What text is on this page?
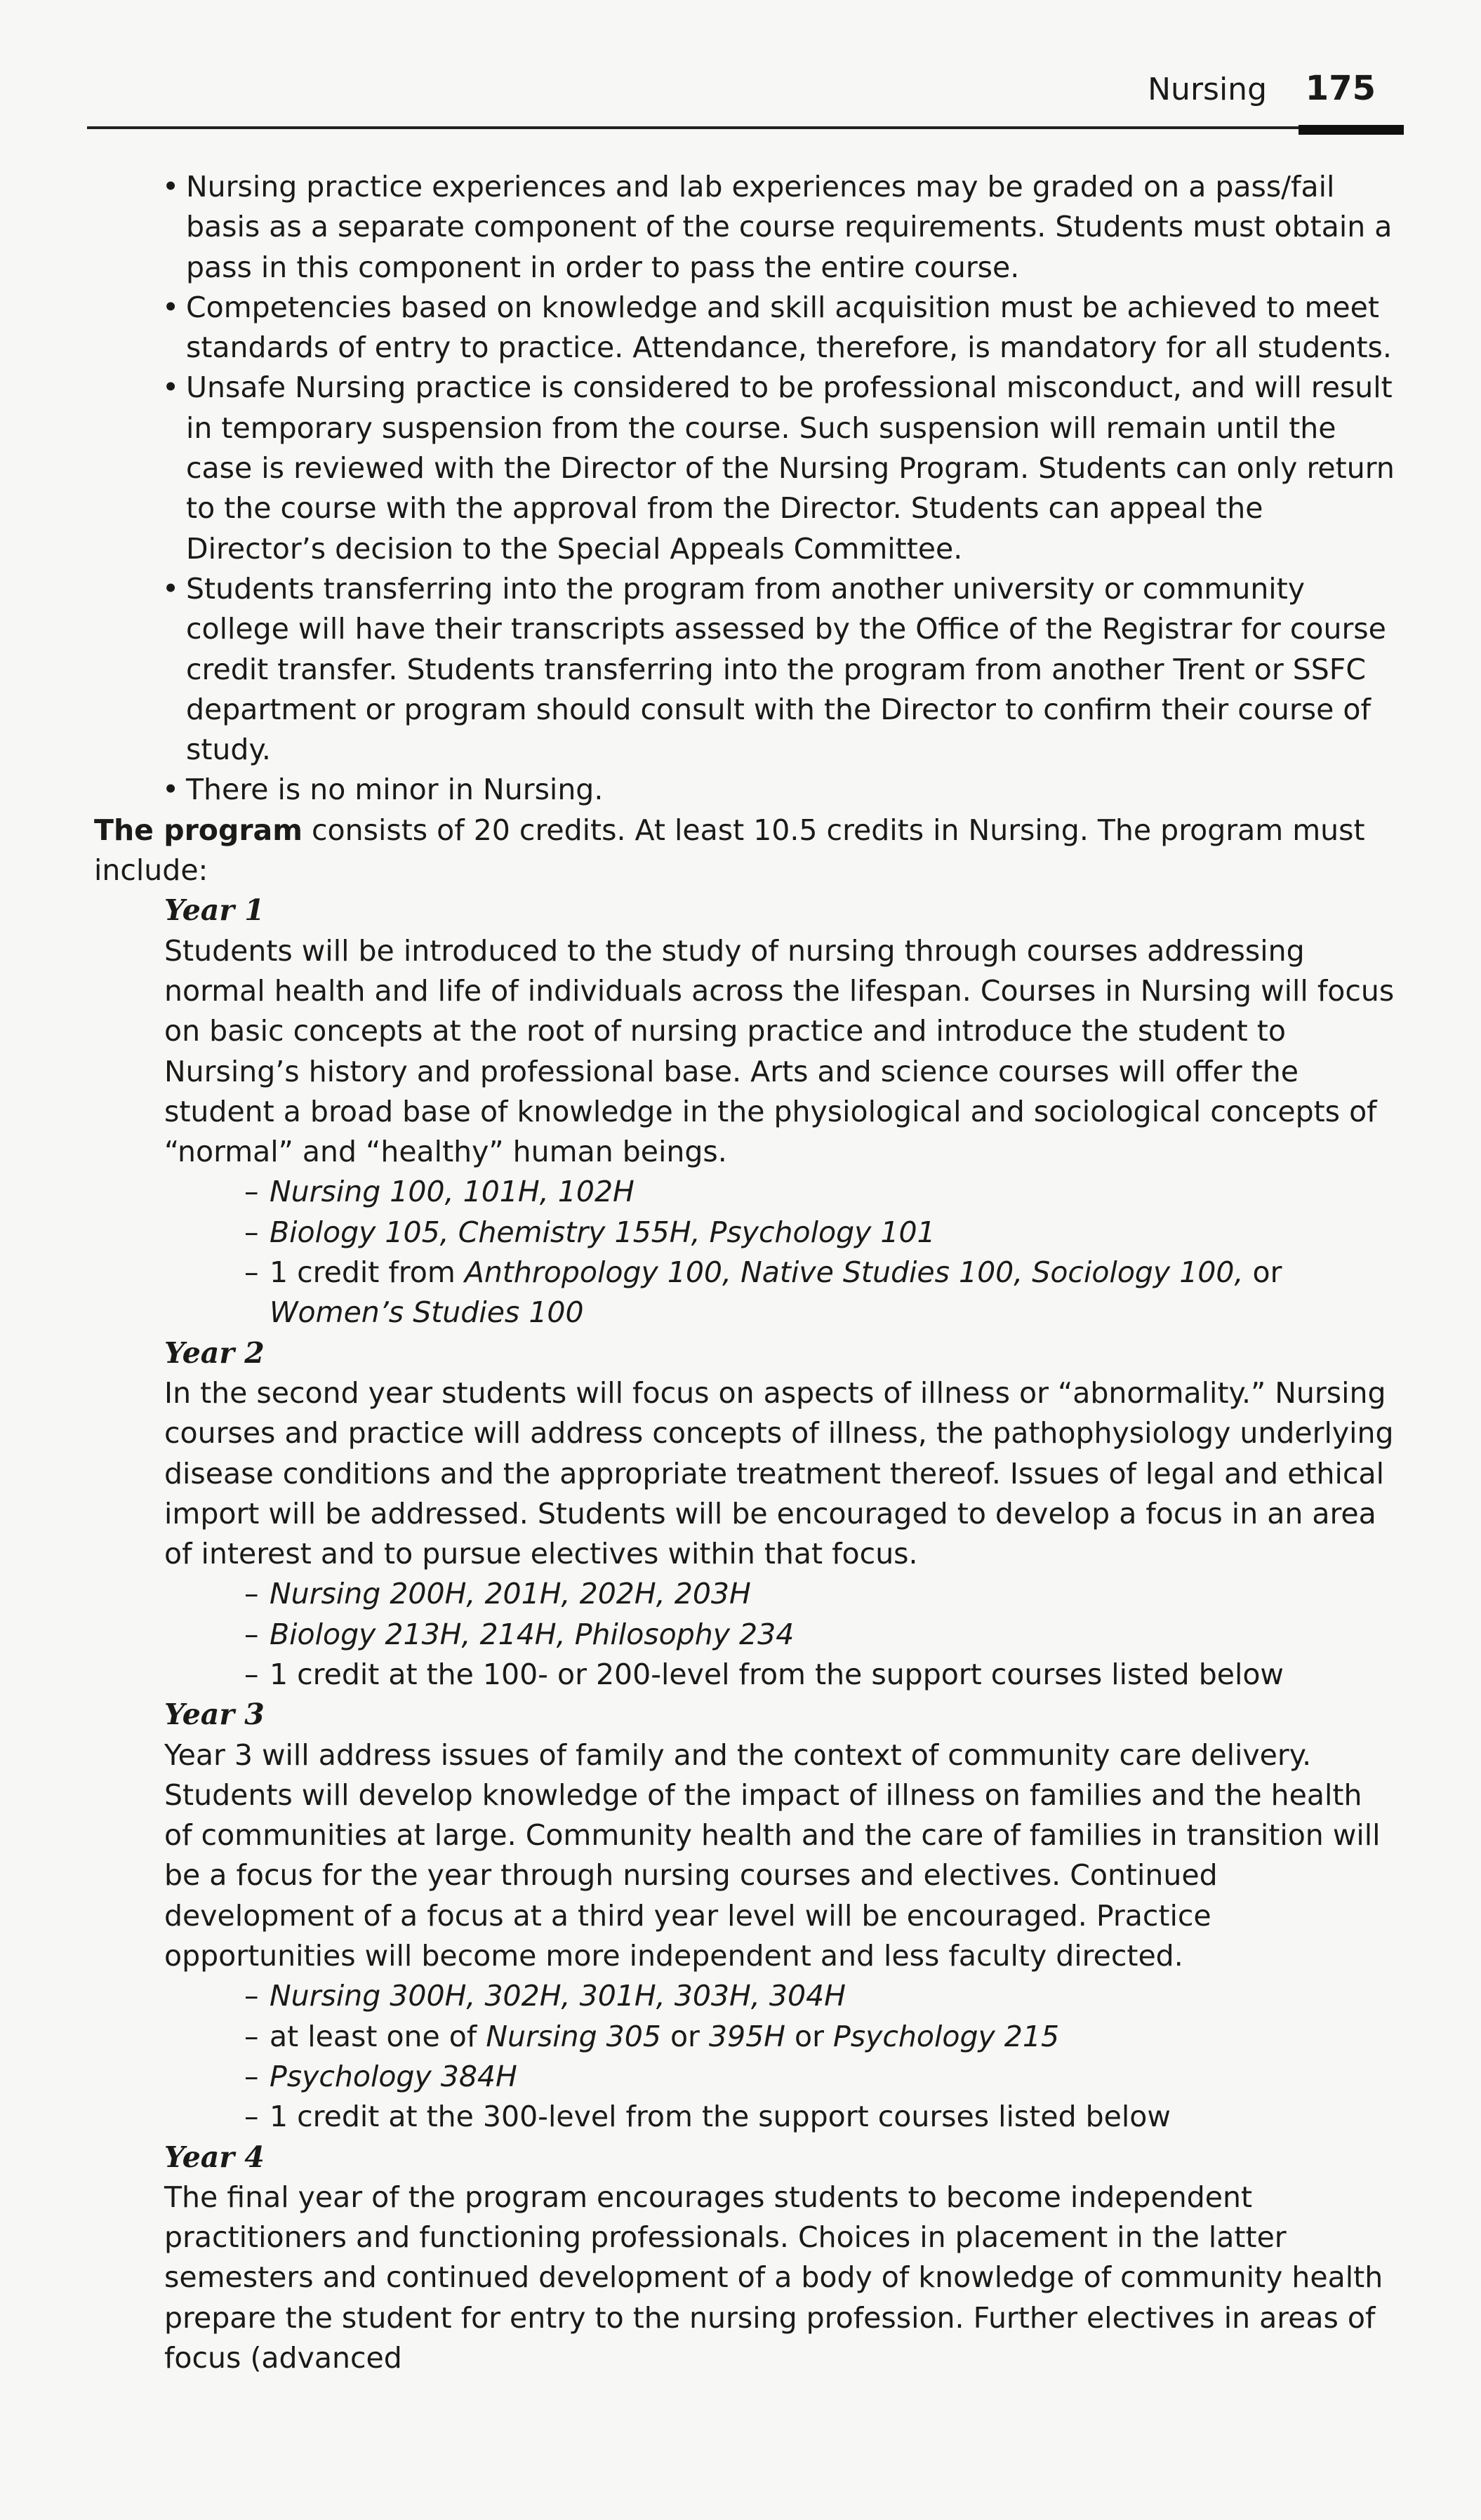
Nursing 175
• Nursing practice experiences and lab experiences may be graded on a pass/fail basis as a separate component of the course requirements. Students must obtain a pass in this component in order to pass the entire course.
• Competencies based on knowledge and skill acquisition must be achieved to meet standards of entry to practice. Attendance, therefore, is mandatory for all students.
• Unsafe Nursing practice is considered to be professional misconduct, and will result in temporary suspension from the course. Such suspension will remain until the case is reviewed with the Director of the Nursing Program. Students can only return to the course with the approval from the Director. Students can appeal the Director’s decision to the Special Appeals Committee.
• Students transferring into the program from another university or community college will have their transcripts assessed by the Office of the Registrar for course credit transfer. Students transferring into the program from another Trent or SSFC department or program should consult with the Director to confirm their course of study.
• There is no minor in Nursing.

The program consists of 20 credits. At least 10.5 credits in Nursing. The program must include:

Year 1

Students will be introduced to the study of nursing through courses addressing normal health and life of individuals across the lifespan. Courses in Nursing will focus on basic concepts at the root of nursing practice and introduce the student to Nursing’s history and professional base. Arts and science courses will offer the student a broad base of knowledge in the physiological and sociological concepts of “normal” and “healthy” human beings.

– Nursing 100, 101H, 102H
– Biology 105, Chemistry 155H, Psychology 101
– 1 credit from Anthropology 100, Native Studies 100, Sociology 100, or Women’s Studies 100
Year 2

In the second year students will focus on aspects of illness or “abnormality.” Nursing courses and practice will address concepts of illness, the pathophysiology underlying disease conditions and the appropriate treatment thereof. Issues of legal and ethical import will be addressed. Students will be encouraged to develop a focus in an area of interest and to pursue electives within that focus.

– Nursing 200H, 201H, 202H, 203H
– Biology 213H, 214H, Philosophy 234
– 1 credit at the 100- or 200-level from the support courses listed below
Year 3

Year 3 will address issues of family and the context of community care delivery. Students will develop knowledge of the impact of illness on families and the health of communities at large. Community health and the care of families in transition will be a focus for the year through nursing courses and electives. Continued development of a focus at a third year level will be encouraged. Practice opportunities will become more independent and less faculty directed.

– Nursing 300H, 302H, 301H, 303H, 304H
– at least one of Nursing 305 or 395H or Psychology 215
– Psychology 384H
– 1 credit at the 300-level from the support courses listed below
Year 4

The final year of the program encourages students to become independent practitioners and functioning professionals. Choices in placement in the latter semesters and continued development of a body of knowledge of community health prepare the student for entry to the nursing profession. Further electives in areas of focus (advanced
